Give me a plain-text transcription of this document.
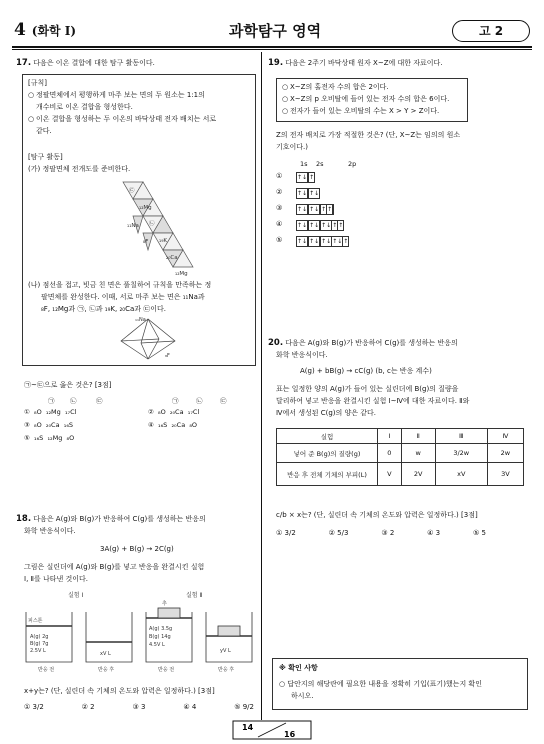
4 (화학 Ⅰ)	과학탐구 영역	고 2
17. 다음은 이온 결합에 대한 탐구 활동이다.
[규칙]
○ 정팔면체에서 평행하게 마주 보는 면의 두 원소는 1:1의
개수비로 이온 결합을 형성한다.
○ 이온 결합을 형성하는 두 이온의 바닥상태 전자 배치는 서로
같다.
[탐구 활동]
(가) 정팔면체 전개도를 준비한다.
㉢
₁₂Mg
㉡
₁₉K
₂₀Ca
₁₁Na
₁₂Mg
₈F
(나) 점선을 접고, 빗금 친 면은 풀칠하여 규칙을 만족하는 정
팔면체를 완성한다. 이때, 서로 마주 보는 면은 ₁₁Na과
₈F, ₁₂Mg과 ㉠, ㉡과 ₁₉K, ₂₀Ca과 ㉢이다.
₁₁Na
₈F
㉠~㉢으로 옳은 것은? [3점]
㉠ ㉡	㉢	㉠	㉡	㉢
① ₈O ₁₂Mg ₁₇Cl	② ₈O ₂₀Ca ₁₇Cl
③ ₈O ₂₀Ca ₁₆S	④ ₁₆S ₂₀Ca ₈O
⑤ ₁₆S ₁₂Mg ₈O
18. 다음은 A(g)와 B(g)가 반응하여 C(g)를 생성하는 반응의
화학 반응식이다.
3A(g) + B(g) → 2C(g)
그림은 실린더에 A(g)와 B(g)를 넣고 반응을 완결시킨 실험
Ⅰ, Ⅱ를 나타낸 것이다.
실험 Ⅰ	실험 Ⅱ
피스톤
추
A(g) 2g
B(g) 7g
2.5V L	xV L
A(g) 3.5g
B(g) 14g
4.5V L
yV L
반응 전	반응 후	반응 전	반응 후
x+y는? (단, 실린더 속 기체의 온도와 압력은 일정하다.) [3점]
① 3/2	② 2	③ 3	④ 4	⑤ 9/2
19. 다음은 2주기 바닥상태 원자 X~Z에 대한 자료이다.
○ X~Z의 홀전자 수의 합은 2이다.
○ X~Z의 p 오비탈에 들어 있는 전자 수의 합은 6이다.
○ 전자가 들어 있는 오비탈의 수는 X > Y > Z이다.
Z의 전자 배치로 가장 적절한 것은? (단, X~Z는 임의의 원소
기호이다.)
1s 2s	2p
① ↑↓		↑	
② ↑↓		↑↓	
③ ↑↓		↑↓		↑	↑	
④ ↑↓		↑↓		↑↓	↑	↑
⑤ ↑↓		↑↓		↑↓	↑↓	↑
20. 다음은 A(g)와 B(g)가 반응하여 C(g)를 생성하는 반응의
화학 반응식이다.
A(g) + bB(g) → cC(g) (b, c는 반응 계수)
표는 일정한 양의 A(g)가 들어 있는 실린더에 B(g)의 질량을
달리하여 넣고 반응을 완결시킨 실험 Ⅰ~Ⅳ에 대한 자료이다. Ⅱ와
Ⅳ에서 생성된 C(g)의 양은 같다.
실험	Ⅰ	Ⅱ	Ⅲ	Ⅳ
넣어 준 B(g)의 질량(g)	0	w	3/2w	2w
반응 후 전체 기체의 부피(L)	V	2V	xV	3V
c/b × x는? (단, 실린더 속 기체의 온도와 압력은 일정하다.) [3점]
① 3/2	② 5/3	③ 2	④ 3	⑤ 5
※ 확인 사항
○ 답안지의 해당란에 필요한 내용을 정확히 기입(표기)했는지 확인
하시오.
14
16
